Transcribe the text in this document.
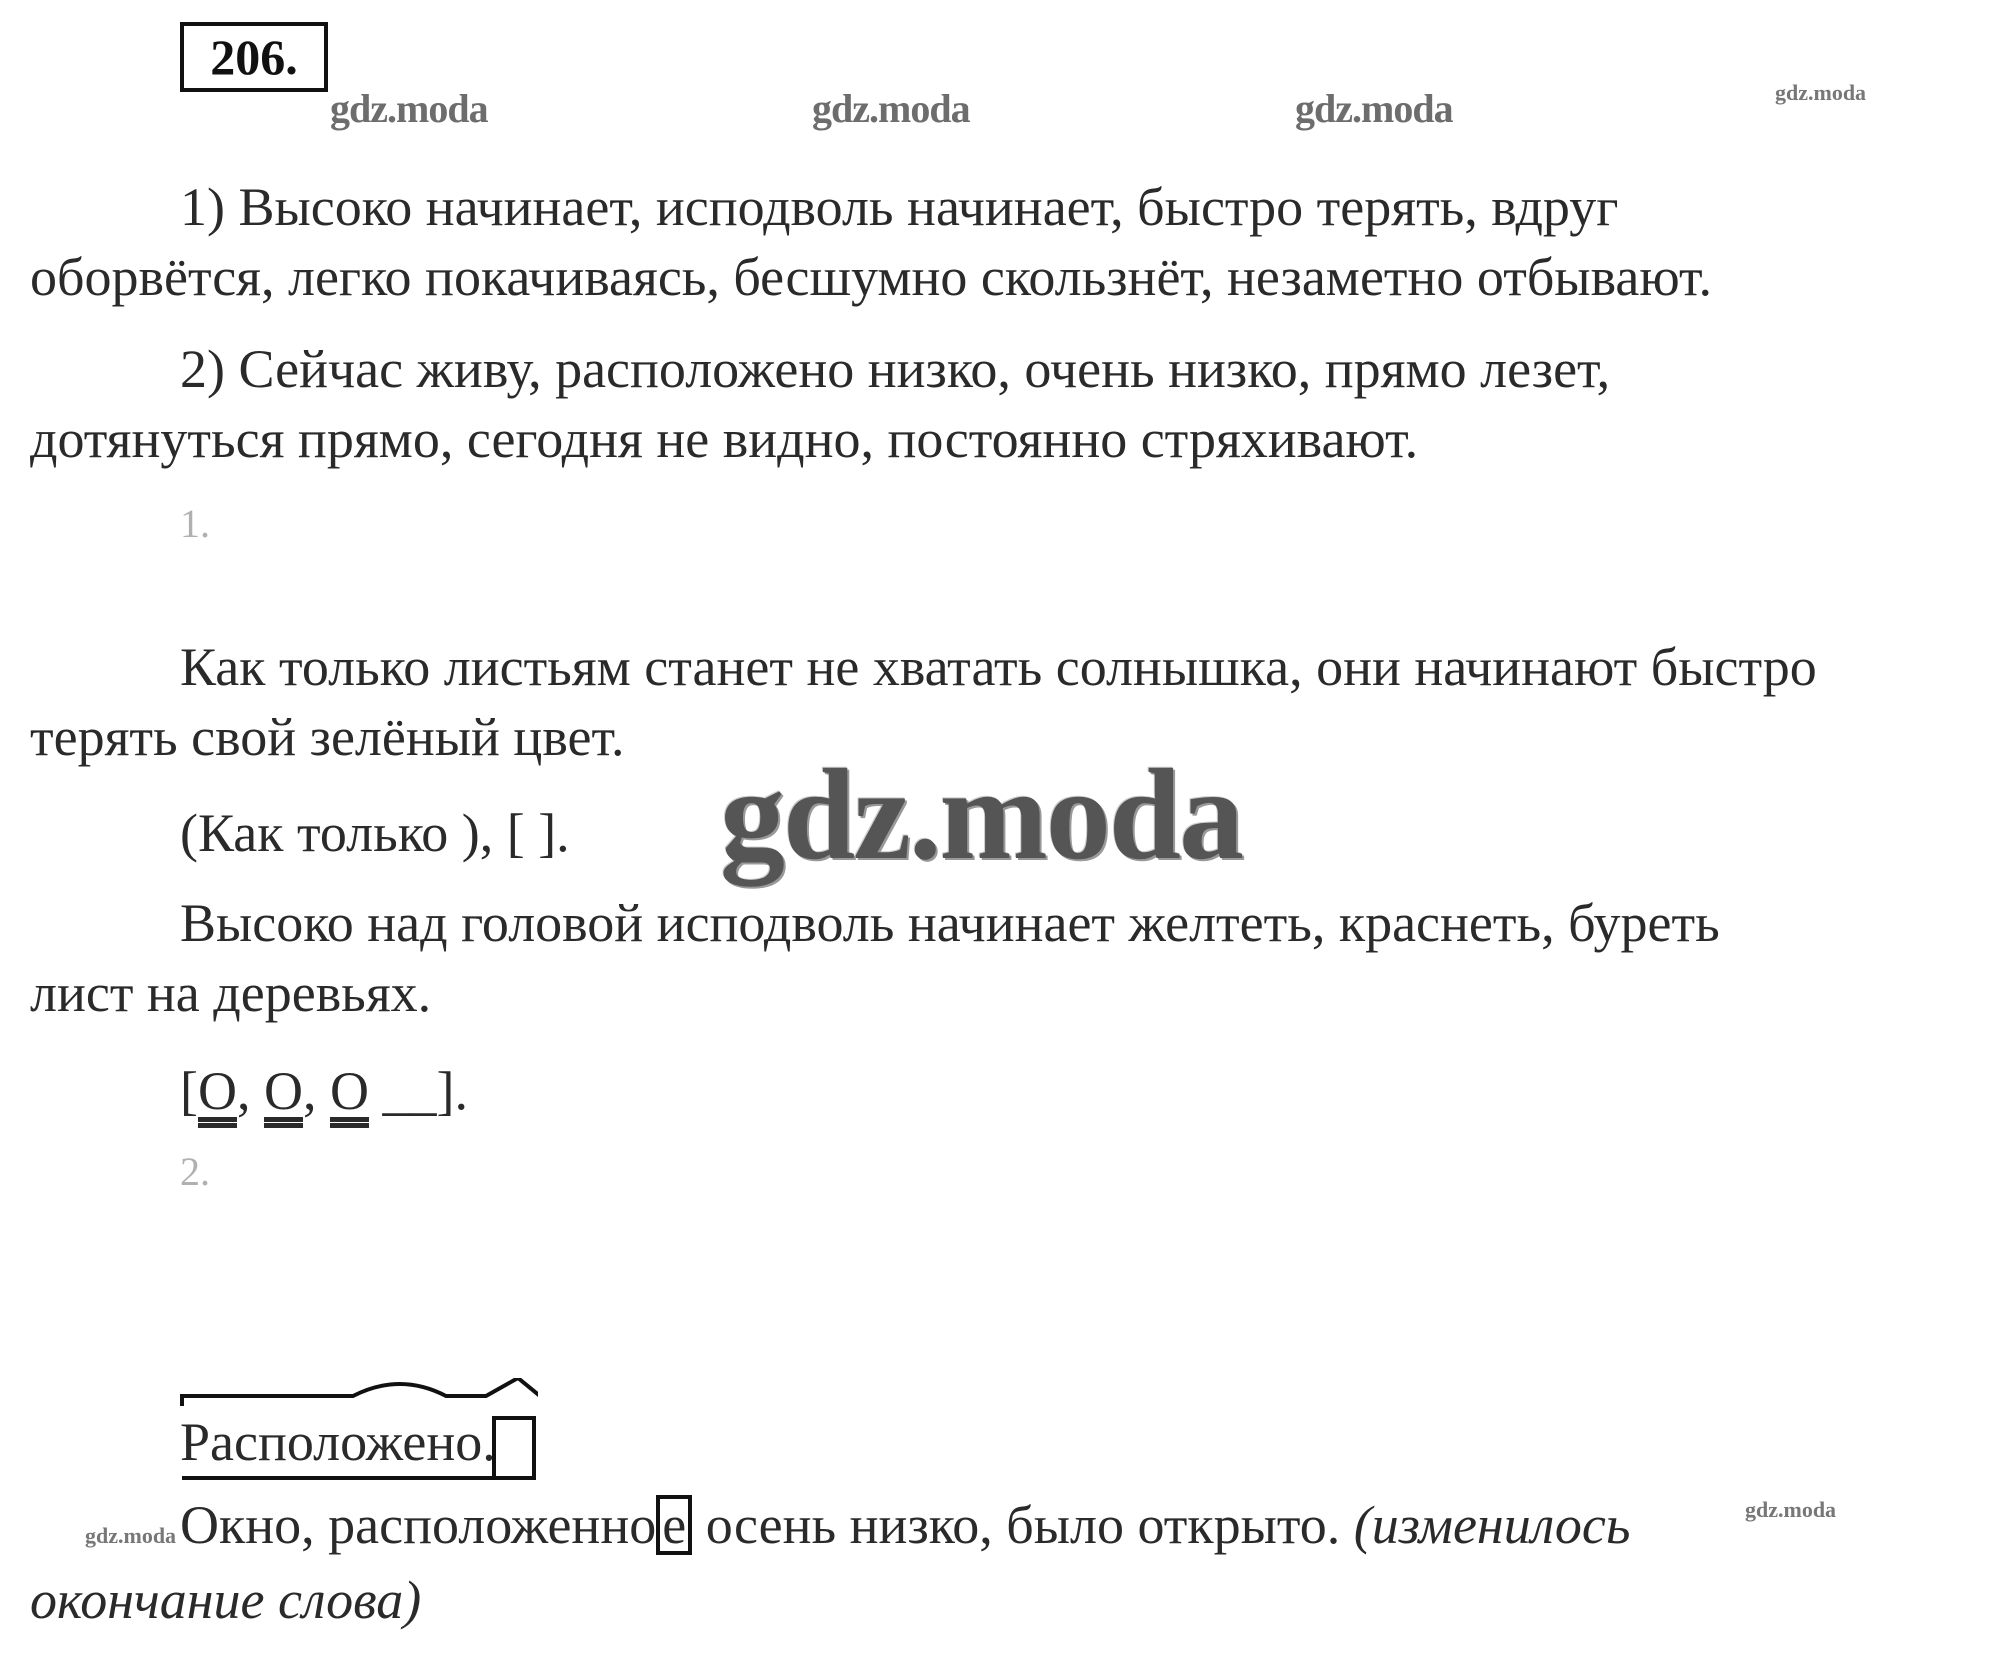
206.
gdz.moda	gdz.moda	gdz.moda	gdz.moda
1) Высоко начинает, исподволь начинает, быстро терять, вдруг
оборвётся, легко покачиваясь, бесшумно скользнёт, незаметно отбывают.
2) Сейчас живу, расположено низко, очень низко, прямо лезет,
дотянуться прямо, сегодня не видно, постоянно стряхивают.
1.
Как только листьям станет не хватать солнышка, они начинают быстро
терять свой зелёный цвет.
(Как только ), [ ]. gdz.moda
Высоко над головой исподволь начинает желтеть, краснеть, буреть
лист на деревьях.
[О, О, О __].
2.
Расположено.
gdz.moda
gdz.moda
Окно, расположенно е осень низко, было открыто. (изменилось
окончание слова)
